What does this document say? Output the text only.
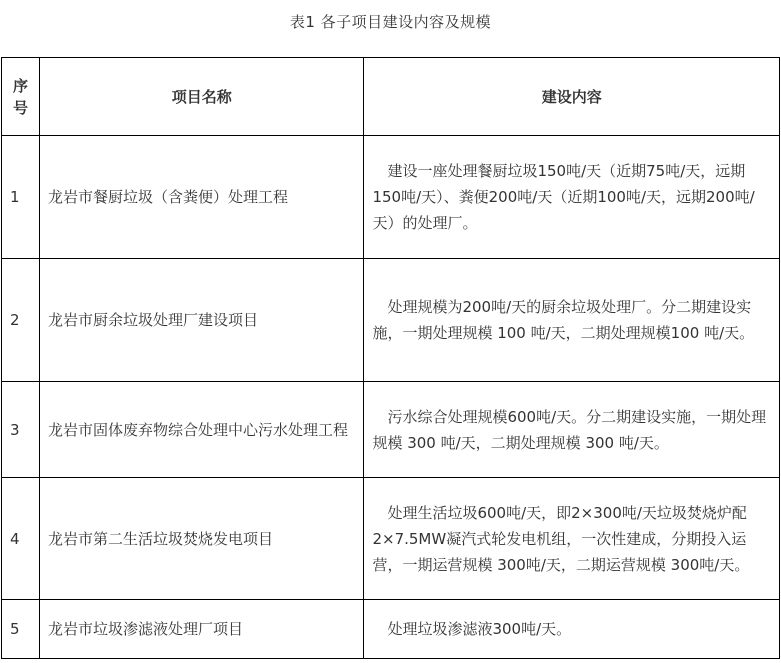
表1 各子项目建设内容及规模
序号	项目名称	建设内容
1	龙岩市餐厨垃圾（含粪便）处理工程	建设一座处理餐厨垃圾150吨/天（近期75吨/天，远期150吨/天）、粪便200吨/天（近期100吨/天，远期200吨/天）的处理厂。
2	龙岩市厨余垃圾处理厂建设项目	处理规模为200吨/天的厨余垃圾处理厂。分二期建设实施，一期处理规模 100 吨/天，二期处理规模100 吨/天。
3	龙岩市固体废弃物综合处理中心污水处理工程	污水综合处理规模600吨/天。分二期建设实施，一期处理规模 300 吨/天，二期处理规模 300 吨/天。
4	龙岩市第二生活垃圾焚烧发电项目	处理生活垃圾600吨/天，即2×300吨/天垃圾焚烧炉配2×7.5MW凝汽式轮发电机组，一次性建成，分期投入运营，一期运营规模 300吨/天，二期运营规模 300吨/天。
5	龙岩市垃圾渗滤液处理厂项目	处理垃圾渗滤液300吨/天。
